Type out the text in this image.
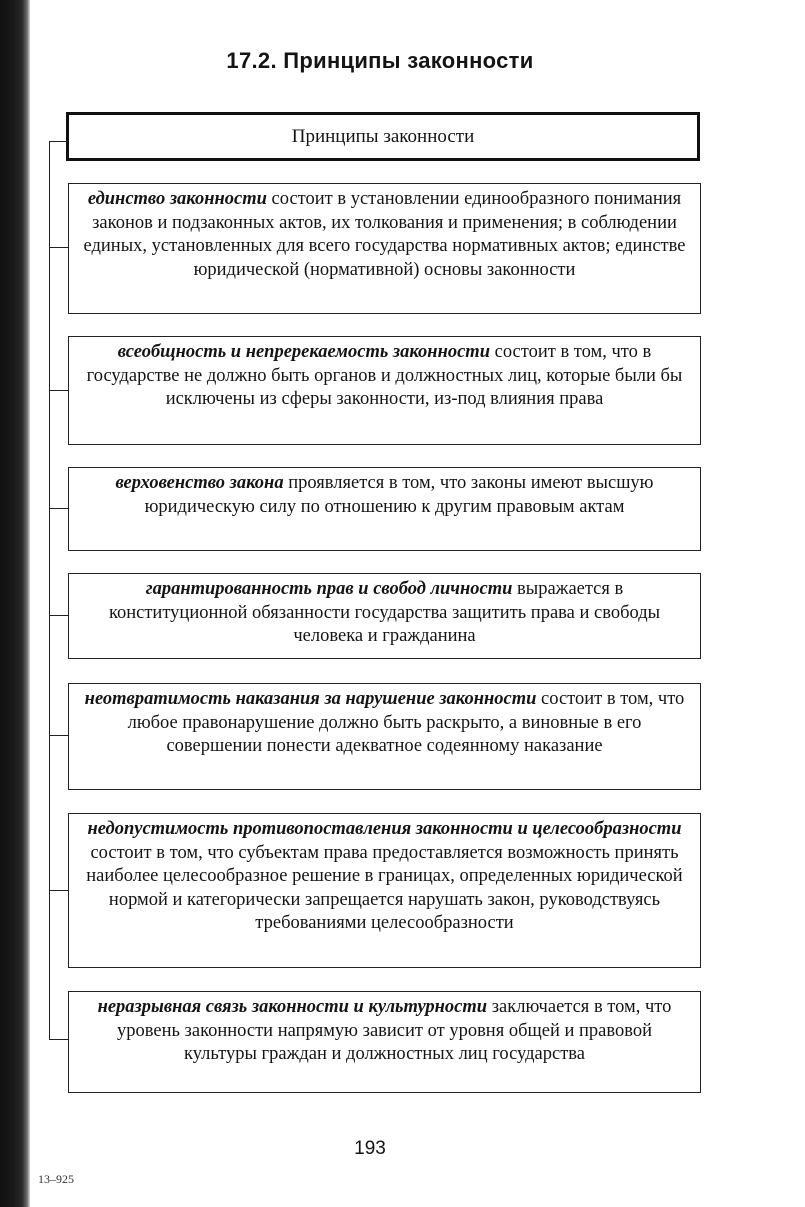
17.2. Принципы законности
Принципы законности
единство законности состоит в установлении единообразного понимания законов и подзаконных актов, их толкования и применения; в соблюдении единых, установленных для всего государства нормативных актов; единстве юридической (нормативной) основы законности
всеобщность и непререкаемость законности состоит в том, что в государстве не должно быть органов и должностных лиц, которые были бы исключены из сферы законности, из-под влияния права
верховенство закона проявляется в том, что законы имеют высшую юридическую силу по отношению к другим правовым актам
гарантированность прав и свобод личности выражается в конституционной обязанности государства защитить права и свободы человека и гражданина
неотвратимость наказания за нарушение законности состоит в том, что любое правонарушение должно быть раскрыто, а виновные в его совершении понести адекватное содеянному наказание
недопустимость противопоставления законности и целесообразности состоит в том, что субъектам права предоставляется возможность принять наиболее целесообразное решение в границах, определенных юридической нормой и категорически запрещается нарушать закон, руководствуясь требованиями целесообразности
неразрывная связь законности и культурности заключается в том, что уровень законности напрямую зависит от уровня общей и правовой культуры граждан и должностных лиц государства
193
13–925
